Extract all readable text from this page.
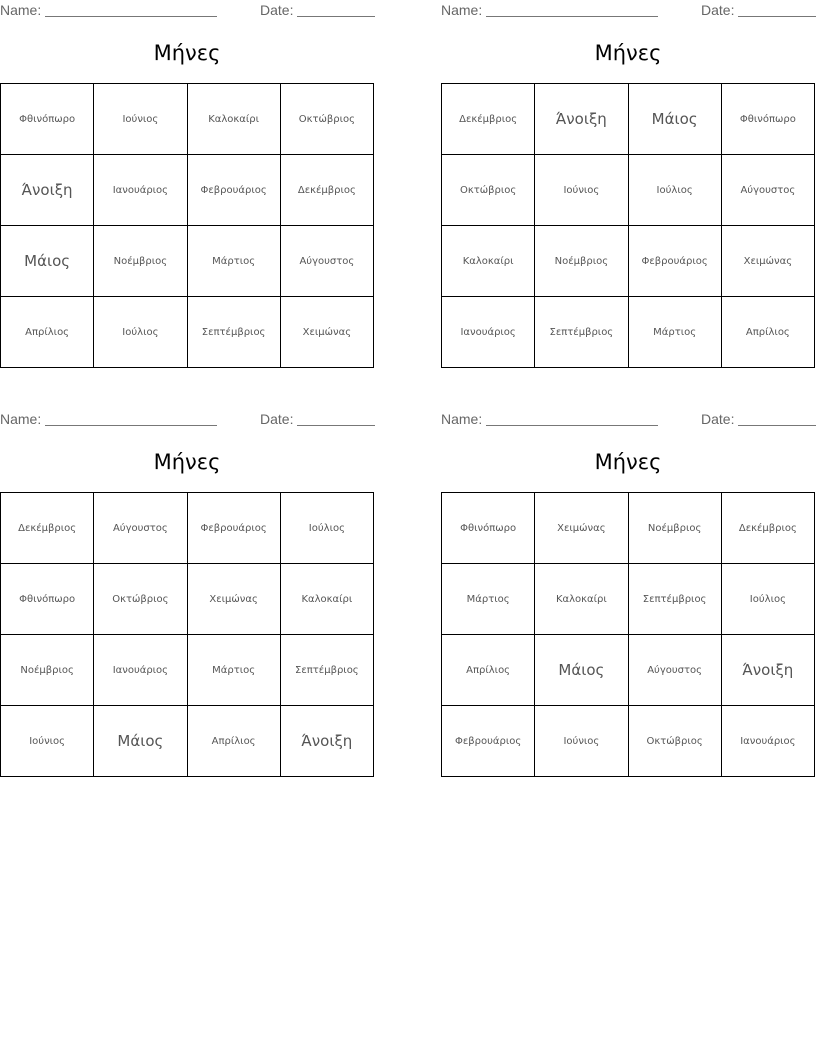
Name:	Date:
Μήνες
Φθινόπωρο	Ιούνιος	Καλοκαίρι	Οκτώβριος
Άνοιξη	Ιανουάριος	Φεβρουάριος	Δεκέμβριος
Μάιος	Νοέμβριος	Μάρτιος	Αύγουστος
Απρίλιος	Ιούλιος	Σεπτέμβριος	Χειμώνας
Name:	Date:
Μήνες
Δεκέμβριος	Άνοιξη	Μάιος	Φθινόπωρο
Οκτώβριος	Ιούνιος	Ιούλιος	Αύγουστος
Καλοκαίρι	Νοέμβριος	Φεβρουάριος	Χειμώνας
Ιανουάριος	Σεπτέμβριος	Μάρτιος	Απρίλιος
Name:	Date:
Μήνες
Δεκέμβριος	Αύγουστος	Φεβρουάριος	Ιούλιος
Φθινόπωρο	Οκτώβριος	Χειμώνας	Καλοκαίρι
Νοέμβριος	Ιανουάριος	Μάρτιος	Σεπτέμβριος
Ιούνιος	Μάιος	Απρίλιος	Άνοιξη
Name:	Date:
Μήνες
Φθινόπωρο	Χειμώνας	Νοέμβριος	Δεκέμβριος
Μάρτιος	Καλοκαίρι	Σεπτέμβριος	Ιούλιος
Απρίλιος	Μάιος	Αύγουστος	Άνοιξη
Φεβρουάριος	Ιούνιος	Οκτώβριος	Ιανουάριος
